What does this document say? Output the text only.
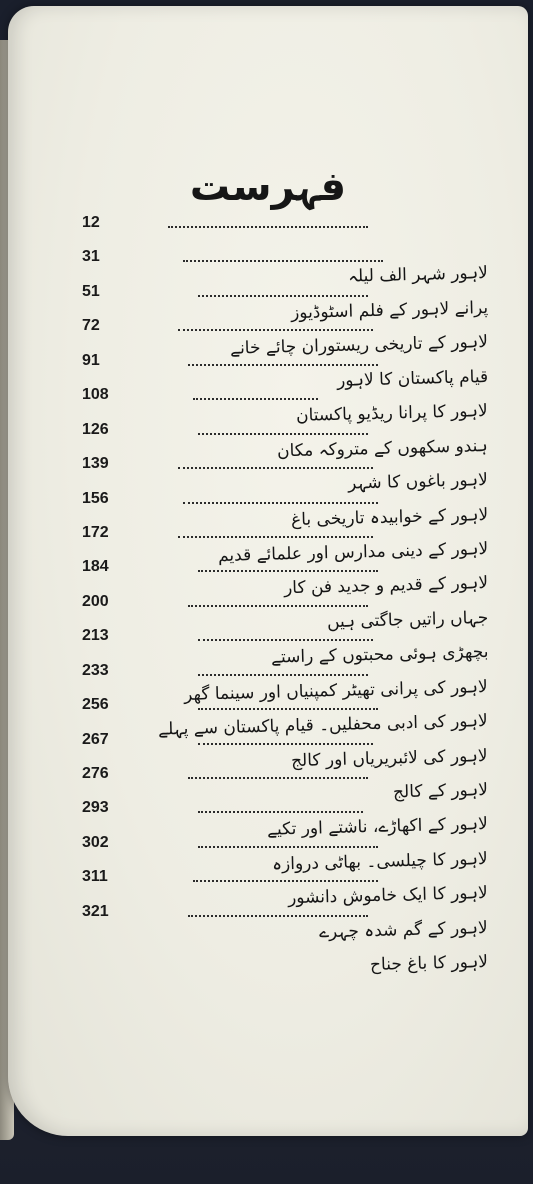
فہرست
12
31
لاہور شہر الف لیلہ
51
پرانے لاہور کے فلم اسٹوڈیوز
72
لاہور کے تاریخی ریستوران چائے خانے
91
قیام پاکستان کا لاہور
108
لاہور کا پرانا ریڈیو پاکستان
126
ہندو سکھوں کے متروکہ مکان
139
لاہور باغوں کا شہر
156
لاہور کے خوابیدہ تاریخی باغ
172
لاہور کے دینی مدارس اور علمائے قدیم
184
لاہور کے قدیم و جدید فن کار
200
جہاں راتیں جاگتی ہیں
213
بچھڑی ہوئی محبتوں کے راستے
233
لاہور کی پرانی تھیٹر کمپنیاں اور سینما گھر
256
لاہور کی ادبی محفلیں۔ قیام پاکستان سے پہلے
267
لاہور کی لائبریریاں اور کالج
276
لاہور کے کالج
293
لاہور کے اکھاڑے، ناشتے اور تکیے
302
لاہور کا چیلسی۔ بھاٹی دروازہ
311
لاہور کا ایک خاموش دانشور
321
لاہور کے گم شدہ چہرے
لاہور کا باغ جناح
